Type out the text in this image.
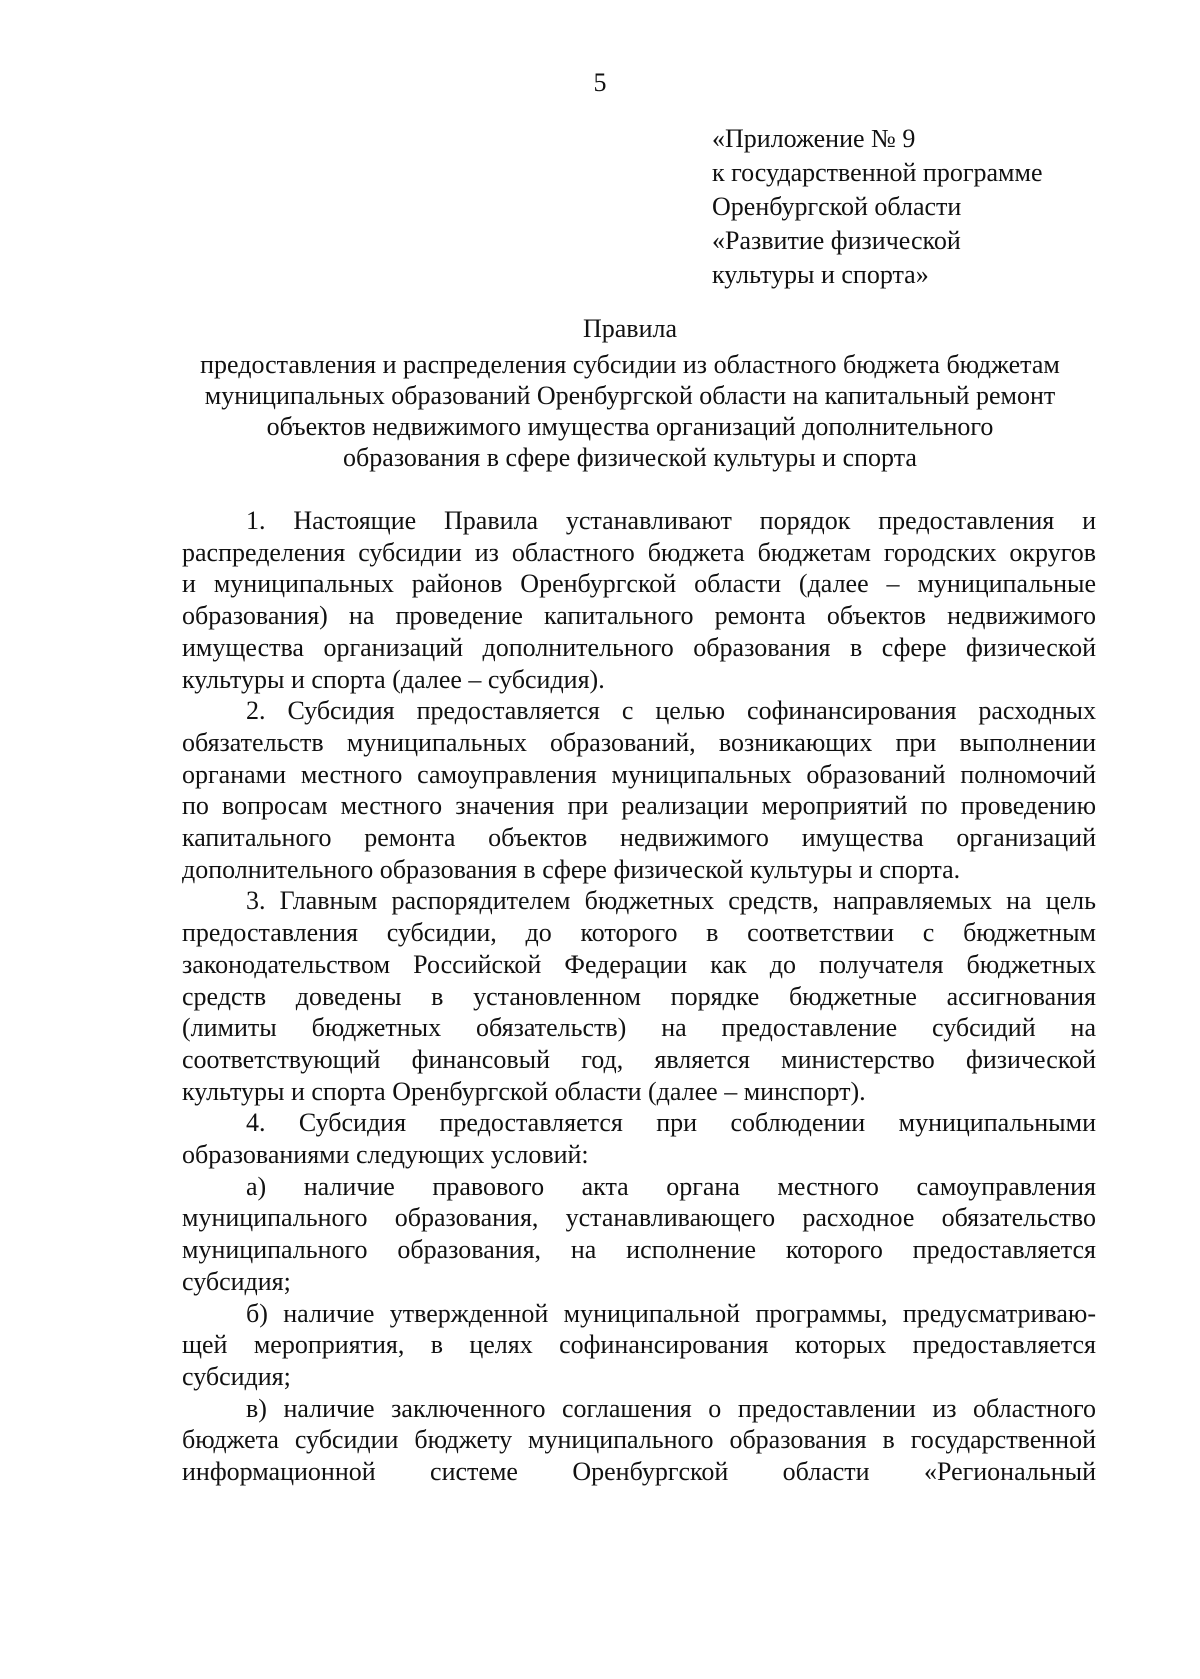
5
«Приложение № 9
к государственной программе
Оренбургской области
«Развитие физической
культуры и спорта»
Правила
предоставления и распределения субсидии из областного бюджета бюджетам
муниципальных образований Оренбургской области на капитальный ремонт
объектов недвижимого имущества организаций дополнительного
образования в сфере физической культуры и спорта
1. Настоящие Правила устанавливают порядок предоставления и
распределения субсидии из областного бюджета бюджетам городских округов
и муниципальных районов Оренбургской области (далее – муниципальные
образования) на проведение капитального ремонта объектов недвижимого
имущества организаций дополнительного образования в сфере физической
культуры и спорта (далее – субсидия).
2. Субсидия предоставляется с целью софинансирования расходных
обязательств муниципальных образований, возникающих при выполнении
органами местного самоуправления муниципальных образований полномочий
по вопросам местного значения при реализации мероприятий по проведению
капитального ремонта объектов недвижимого имущества организаций
дополнительного образования в сфере физической культуры и спорта.
3. Главным распорядителем бюджетных средств, направляемых на цель
предоставления субсидии, до которого в соответствии с бюджетным
законодательством Российской Федерации как до получателя бюджетных
средств доведены в установленном порядке бюджетные ассигнования
(лимиты бюджетных обязательств) на предоставление субсидий на
соответствующий финансовый год, является министерство физической
культуры и спорта Оренбургской области (далее – минспорт).
4. Субсидия предоставляется при соблюдении муниципальными
образованиями следующих условий:
а) наличие правового акта органа местного самоуправления
муниципального образования, устанавливающего расходное обязательство
муниципального образования, на исполнение которого предоставляется
субсидия;
б) наличие утвержденной муниципальной программы, предусматриваю-
щей мероприятия, в целях софинансирования которых предоставляется
субсидия;
в) наличие заключенного соглашения о предоставлении из областного
бюджета субсидии бюджету муниципального образования в государственной
информационной системе Оренбургской области «Региональный
